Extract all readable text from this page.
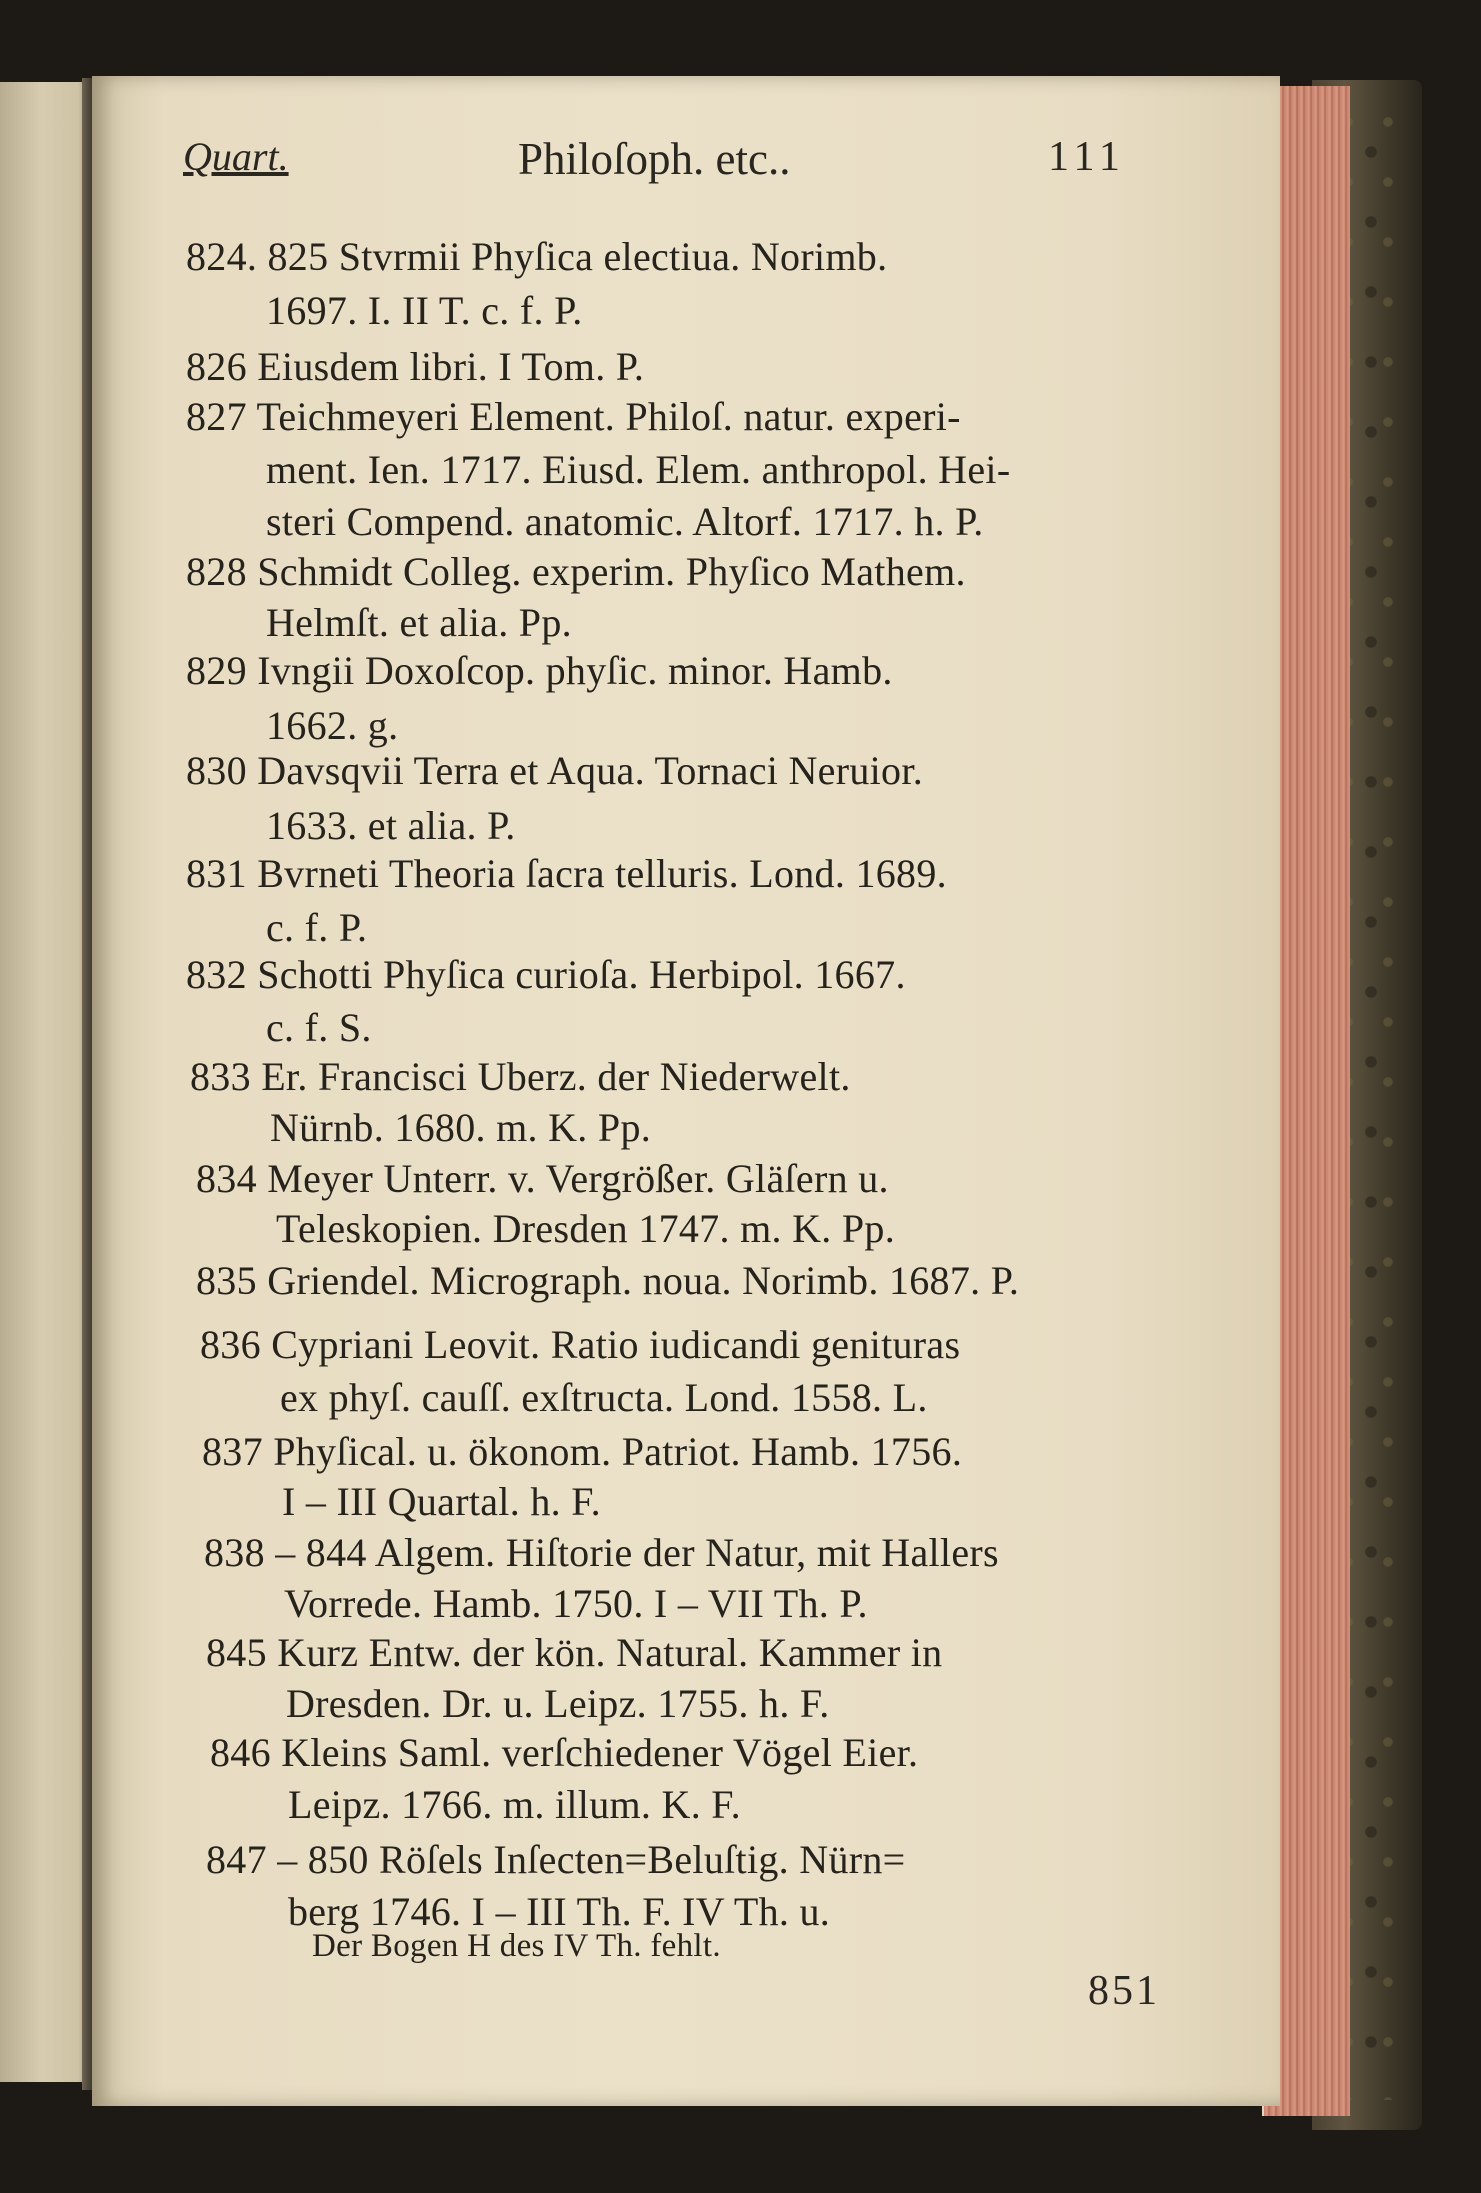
Quart.	Philoſoph. etc..	111
824. 825 Stvrmii Phyſica electiua. Norimb.
1697. I. II T. c. f. P.
826 Eiusdem libri. I Tom. P.
827 Teichmeyeri Element. Philoſ. natur. experi-
ment. Ien. 1717. Eiusd. Elem. anthropol. Hei-
steri Compend. anatomic. Altorf. 1717. h. P.
828 Schmidt Colleg. experim. Phyſico Mathem.
Helmſt. et alia. Pp.
829 Ivngii Doxoſcop. phyſic. minor. Hamb.
1662. g.
830 Davsqvii Terra et Aqua. Tornaci Neruior.
1633. et alia. P.
831 Bvrneti Theoria ſacra telluris. Lond. 1689.
c. f. P.
832 Schotti Phyſica curioſa. Herbipol. 1667.
c. f. S.
833 Er. Francisci Uberz. der Niederwelt.
Nürnb. 1680. m. K. Pp.
834 Meyer Unterr. v. Vergrößer. Gläſern u.
Teleskopien. Dresden 1747. m. K. Pp.
835 Griendel. Micrograph. noua. Norimb. 1687. P.
836 Cypriani Leovit. Ratio iudicandi genituras
ex phyſ. cauſſ. exſtructa. Lond. 1558. L.
837 Phyſical. u. ökonom. Patriot. Hamb. 1756.
I – III Quartal. h. F.
838 – 844 Algem. Hiſtorie der Natur, mit Hallers
Vorrede. Hamb. 1750. I – VII Th. P.
845 Kurz Entw. der kön. Natural. Kammer in
Dresden. Dr. u. Leipz. 1755. h. F.
846 Kleins Saml. verſchiedener Vögel Eier.
Leipz. 1766. m. illum. K. F.
847 – 850 Röſels Inſecten=Beluſtig. Nürn=
berg 1746. I – III Th. F. IV Th. u.
Der Bogen H des IV Th. fehlt.
851
